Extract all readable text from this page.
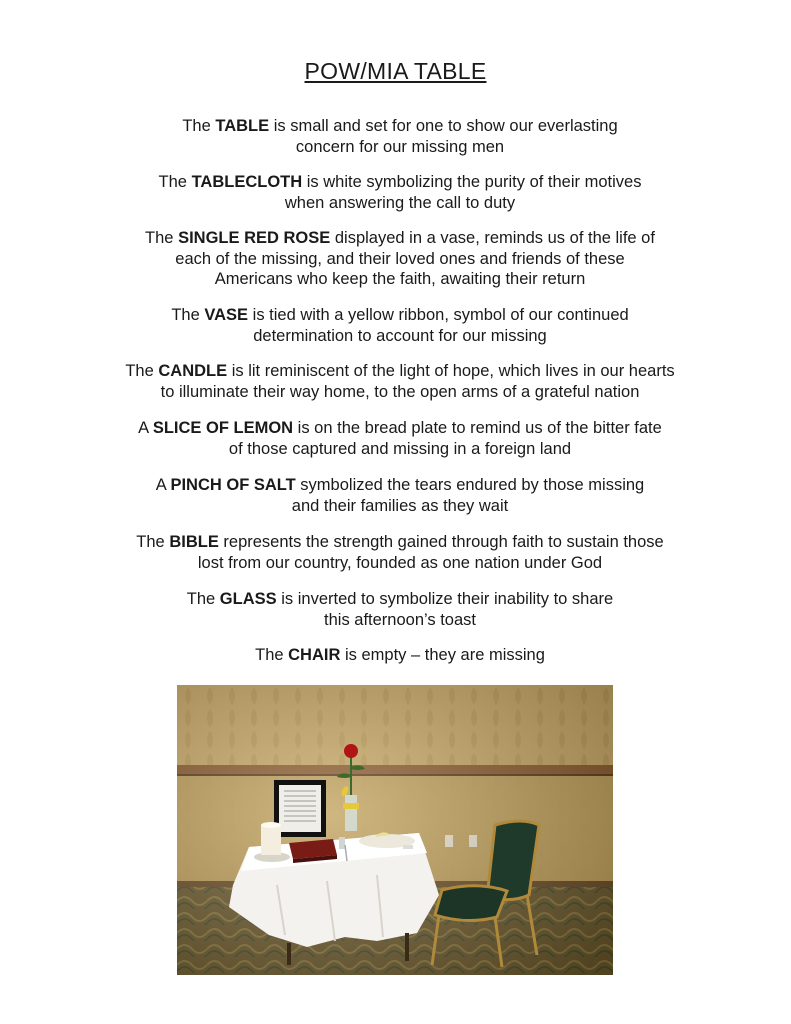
POW/MIA TABLE
The TABLE is small and set for one to show our everlasting
concern for our missing men
The TABLECLOTH is white symbolizing the purity of their motives
when answering the call to duty
The SINGLE RED ROSE displayed in a vase, reminds us of the life of
each of the missing, and their loved ones and friends of these
Americans who keep the faith, awaiting their return
The VASE is tied with a yellow ribbon, symbol of our continued
determination to account for our missing
The CANDLE is lit reminiscent of the light of hope, which lives in our hearts
to illuminate their way home, to the open arms of a grateful nation
A SLICE OF LEMON is on the bread plate to remind us of the bitter fate
of those captured and missing in a foreign land
A PINCH OF SALT symbolized the tears endured by those missing
and their families as they wait
The BIBLE represents the strength gained through faith to sustain those
lost from our country, founded as one nation under God
The GLASS is inverted to symbolize their inability to share
this afternoon’s toast
The CHAIR is empty – they are missing
